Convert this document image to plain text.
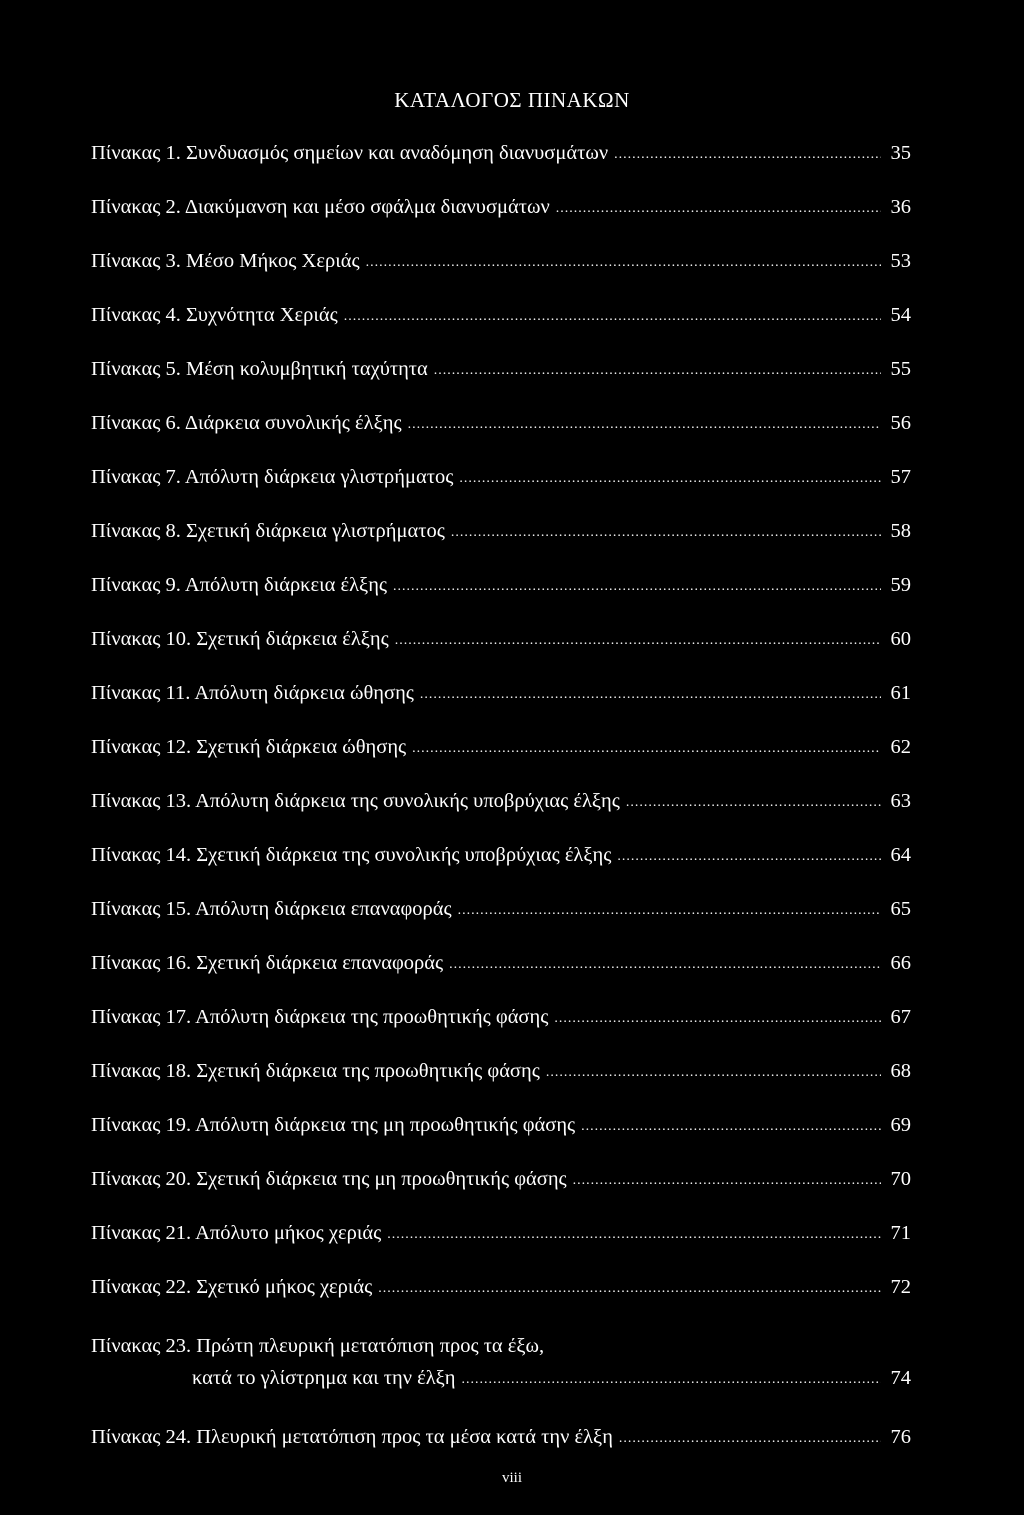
ΚΑΤΑΛΟΓΟΣ ΠΙΝΑΚΩΝ
Πίνακας 1. Συνδυασμός σημείων και αναδόμηση διανυσμάτων .....	35
Πίνακας 2. Διακύμανση και μέσο σφάλμα διανυσμάτων .....	36
Πίνακας 3. Μέσο Μήκος Χεριάς .....	53
Πίνακας 4. Συχνότητα Χεριάς .....	54
Πίνακας 5. Μέση κολυμβητική ταχύτητα .....	55
Πίνακας 6. Διάρκεια συνολικής έλξης .....	56
Πίνακας 7. Απόλυτη διάρκεια γλιστρήματος .....	57
Πίνακας 8. Σχετική διάρκεια γλιστρήματος .....	58
Πίνακας 9. Απόλυτη διάρκεια έλξης .....	59
Πίνακας 10. Σχετική διάρκεια έλξης .....	60
Πίνακας 11. Απόλυτη διάρκεια ώθησης .....	61
Πίνακας 12. Σχετική διάρκεια ώθησης .....	62
Πίνακας 13. Απόλυτη διάρκεια της συνολικής υποβρύχιας έλξης .....	63
Πίνακας 14. Σχετική διάρκεια της συνολικής υποβρύχιας έλξης .....	64
Πίνακας 15. Απόλυτη διάρκεια επαναφοράς .....	65
Πίνακας 16. Σχετική διάρκεια επαναφοράς .....	66
Πίνακας 17. Απόλυτη διάρκεια της προωθητικής φάσης .....	67
Πίνακας 18. Σχετική διάρκεια της προωθητικής φάσης .....	68
Πίνακας 19. Απόλυτη διάρκεια της μη προωθητικής φάσης .....	69
Πίνακας 20. Σχετική διάρκεια της μη προωθητικής φάσης .....	70
Πίνακας 21. Απόλυτο μήκος χεριάς .....	71
Πίνακας 22. Σχετικό μήκος χεριάς .....	72
Πίνακας 23. Πρώτη πλευρική μετατόπιση προς τα έξω,
κατά το γλίστρημα και την έλξη .....	74
Πίνακας 24. Πλευρική μετατόπιση προς τα μέσα κατά την έλξη .....	76
viii
